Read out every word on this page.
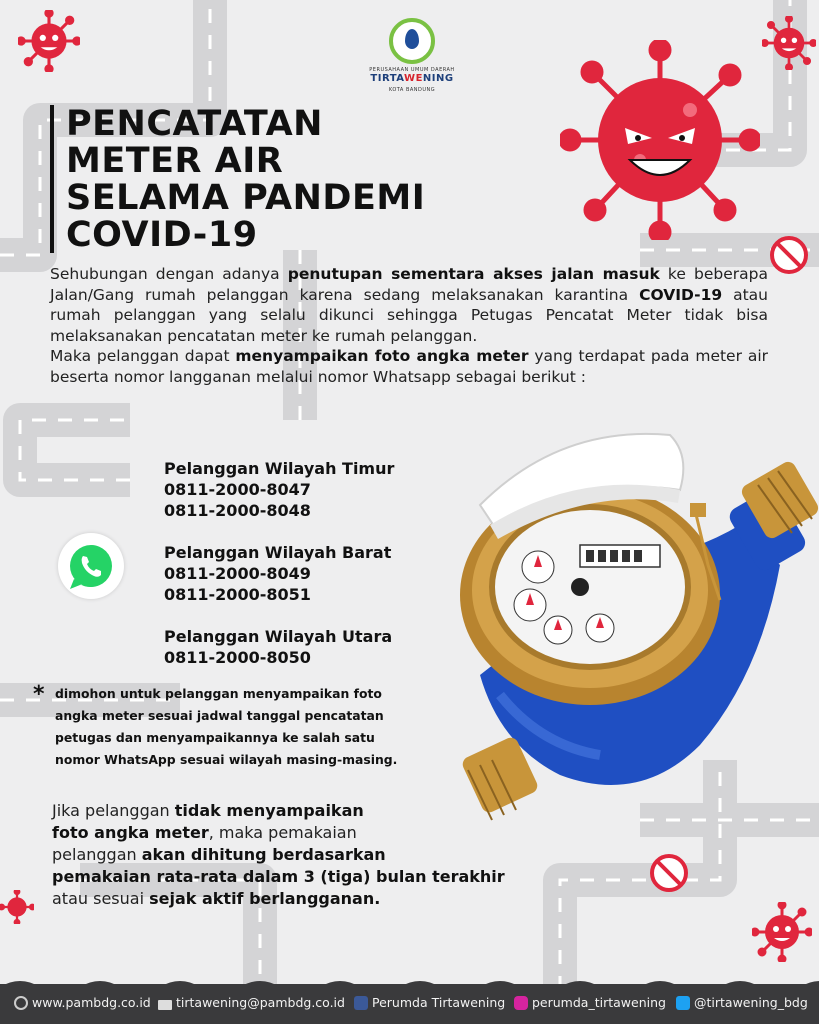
PERUSAHAAN UMUM DAERAH
TIRTAWENING
KOTA BANDUNG
PENCATATAN
METER AIR
SELAMA PANDEMI
COVID-19
Sehubungan dengan adanya penutupan sementara akses jalan masuk ke beberapa Jalan/Gang rumah pelanggan karena sedang melaksanakan karantina COVID-19 atau rumah pelanggan yang selalu dikunci sehingga Petugas Pencatat Meter tidak bisa melaksanakan pencatatan meter ke rumah pelanggan.
Maka pelanggan dapat menyampaikan foto angka meter yang terdapat pada meter air beserta nomor langganan melalui nomor Whatsapp sebagai berikut :
Pelanggan Wilayah Timur
0811-2000-8047
0811-2000-8048
Pelanggan Wilayah Barat
0811-2000-8049
0811-2000-8051
Pelanggan Wilayah Utara
0811-2000-8050
* dimohon untuk pelanggan menyampaikan foto
angka meter sesuai jadwal tanggal pencatatan
petugas dan menyampaikannya ke salah satu
nomor WhatsApp sesuai wilayah masing-masing.
Jika pelanggan tidak menyampaikan
foto angka meter, maka pemakaian
pelanggan akan dihitung berdasarkan
pemakaian rata-rata dalam 3 (tiga) bulan terakhir
atau sesuai sejak aktif berlangganan.
www.pambdg.co.id	tirtawening@pambdg.co.id	Perumda Tirtawening	perumda_tirtawening	@tirtawening_bdg
